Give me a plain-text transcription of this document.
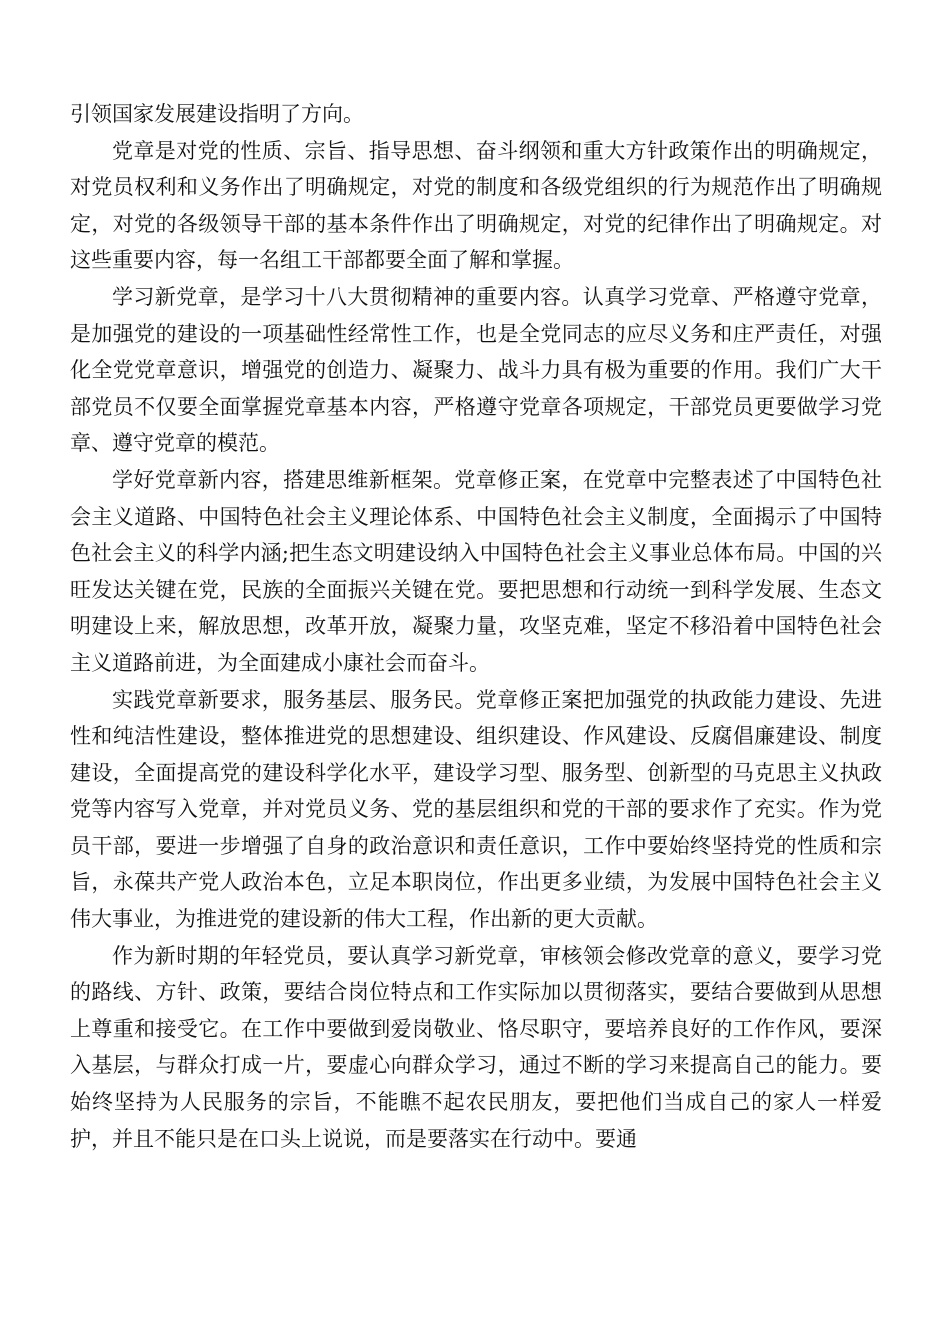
引领国家发展建设指明了方向。

党章是对党的性质、宗旨、指导思想、奋斗纲领和重大方针政策作出的明确规定，对党员权利和义务作出了明确规定，对党的制度和各级党组织的行为规范作出了明确规定，对党的各级领导干部的基本条件作出了明确规定，对党的纪律作出了明确规定。对这些重要内容，每一名组工干部都要全面了解和掌握。

学习新党章，是学习十八大贯彻精神的重要内容。认真学习党章、严格遵守党章，是加强党的建设的一项基础性经常性工作，也是全党同志的应尽义务和庄严责任，对强化全党党章意识，增强党的创造力、凝聚力、战斗力具有极为重要的作用。我们广大干部党员不仅要全面掌握党章基本内容，严格遵守党章各项规定，干部党员更要做学习党章、遵守党章的模范。

学好党章新内容，搭建思维新框架。党章修正案，在党章中完整表述了中国特色社会主义道路、中国特色社会主义理论体系、中国特色社会主义制度，全面揭示了中国特色社会主义的科学内涵;把生态文明建设纳入中国特色社会主义事业总体布局。中国的兴旺发达关键在党，民族的全面振兴关键在党。要把思想和行动统一到科学发展、生态文明建设上来，解放思想，改革开放，凝聚力量，攻坚克难，坚定不移沿着中国特色社会主义道路前进，为全面建成小康社会而奋斗。

实践党章新要求，服务基层、服务民。党章修正案把加强党的执政能力建设、先进性和纯洁性建设，整体推进党的思想建设、组织建设、作风建设、反腐倡廉建设、制度建设，全面提高党的建设科学化水平，建设学习型、服务型、创新型的马克思主义执政党等内容写入党章，并对党员义务、党的基层组织和党的干部的要求作了充实。作为党员干部，要进一步增强了自身的政治意识和责任意识，工作中要始终坚持党的性质和宗旨，永葆共产党人政治本色，立足本职岗位，作出更多业绩，为发展中国特色社会主义伟大事业，为推进党的建设新的伟大工程，作出新的更大贡献。

作为新时期的年轻党员，要认真学习新党章，审核领会修改党章的意义，要学习党的路线、方针、政策，要结合岗位特点和工作实际加以贯彻落实，要结合要做到从思想上尊重和接受它。在工作中要做到爱岗敬业、恪尽职守，要培养良好的工作作风，要深入基层，与群众打成一片，要虚心向群众学习，通过不断的学习来提高自己的能力。要始终坚持为人民服务的宗旨，不能瞧不起农民朋友，要把他们当成自己的家人一样爱护，并且不能只是在口头上说说，而是要落实在行动中。要通
